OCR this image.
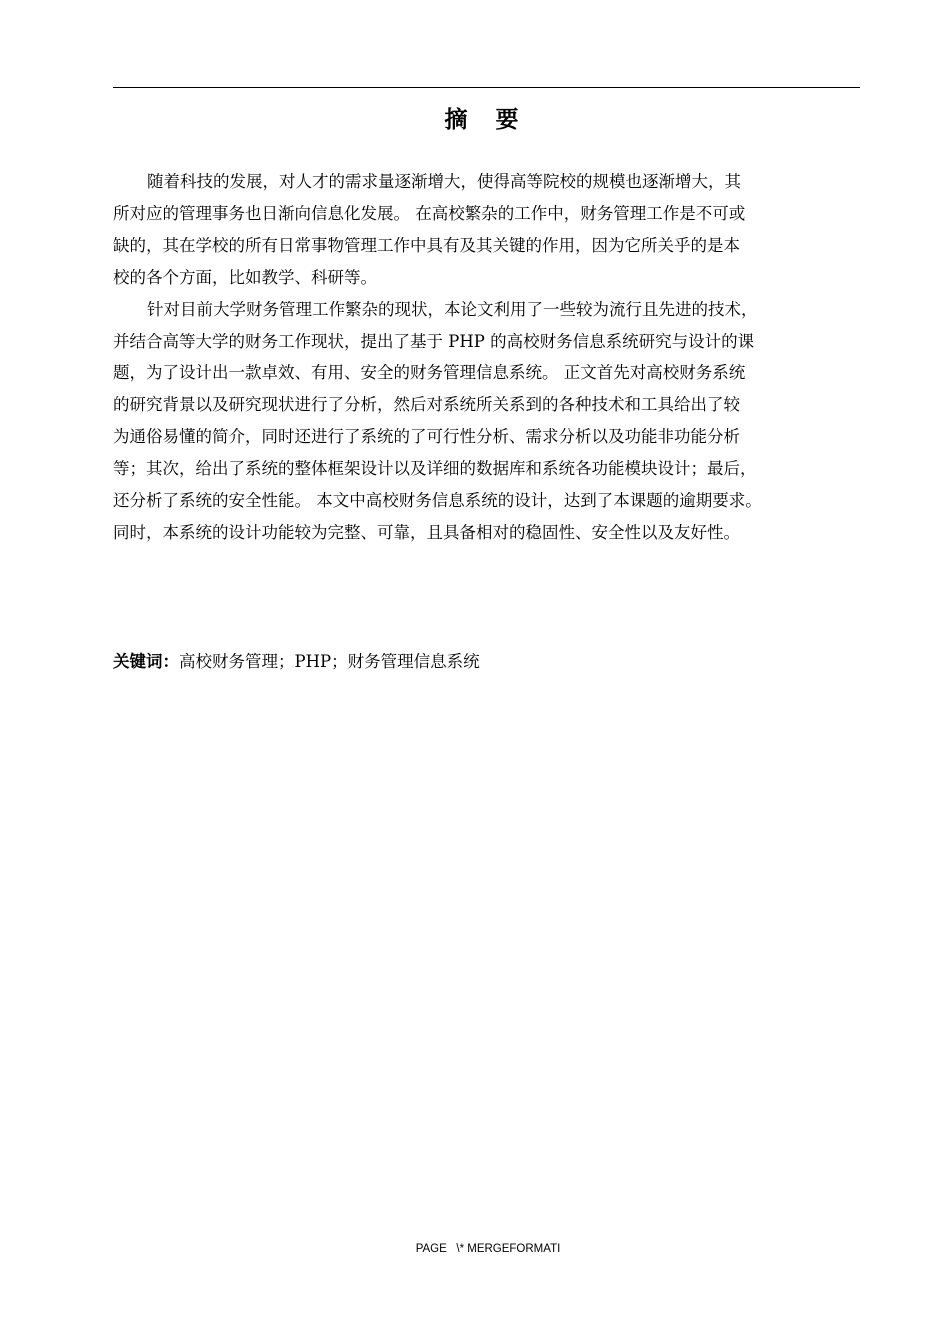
摘 要

随着科技的发展，对人才的需求量逐渐增大，使得高等院校的规模也逐渐增大，其
所对应的管理事务也日渐向信息化发展。 在高校繁杂的工作中，财务管理工作是不可或
缺的，其在学校的所有日常事物管理工作中具有及其关键的作用，因为它所关乎的是本
校的各个方面，比如教学、科研等。

针对目前大学财务管理工作繁杂的现状，本论文利用了一些较为流行且先进的技术，
并结合高等大学的财务工作现状，提出了基于 PHP 的高校财务信息系统研究与设计的课
题，为了设计出一款卓效、有用、安全的财务管理信息系统。 正文首先对高校财务系统
的研究背景以及研究现状进行了分析，然后对系统所关系到的各种技术和工具给出了较
为通俗易懂的简介，同时还进行了系统的了可行性分析、需求分析以及功能非功能分析
等；其次，给出了系统的整体框架设计以及详细的数据库和系统各功能模块设计；最后，
还分析了系统的安全性能。 本文中高校财务信息系统的设计，达到了本课题的逾期要求。
同时，本系统的设计功能较为完整、可靠，且具备相对的稳固性、安全性以及友好性。

关键词：高校财务管理；PHP；财务管理信息系统
PAGE   \* MERGEFORMATI
